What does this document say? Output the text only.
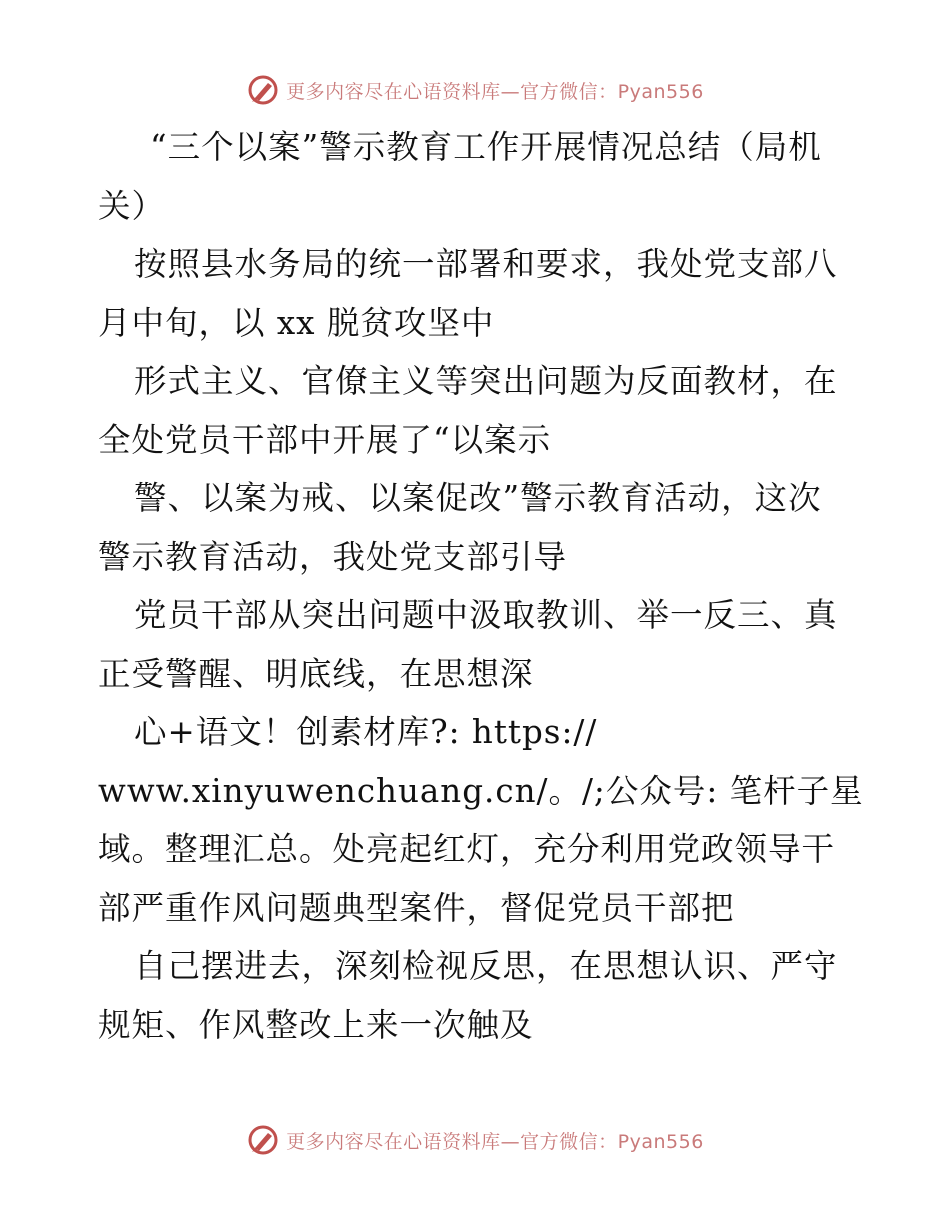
更多内容尽在心语资料库—官方微信：Pyan556
“三个以案”警示教育工作开展情况总结（局机
关）
按照县水务局的统一部署和要求，我处党支部八
月中旬，以 xx 脱贫攻坚中
形式主义、官僚主义等突出问题为反面教材，在
全处党员干部中开展了“以案示
警、以案为戒、以案促改”警示教育活动，这次
警示教育活动，我处党支部引导
党员干部从突出问题中汲取教训、举一反三、真
正受警醒、明底线，在思想深
心+语文！创素材库?: https://
www.xinyuwenchuang.cn/。/;公众号: 笔杆子星
域。整理汇总。处亮起红灯，充分利用党政领导干
部严重作风问题典型案件，督促党员干部把
自己摆进去，深刻检视反思，在思想认识、严守
规矩、作风整改上来一次触及
更多内容尽在心语资料库—官方微信：Pyan556
